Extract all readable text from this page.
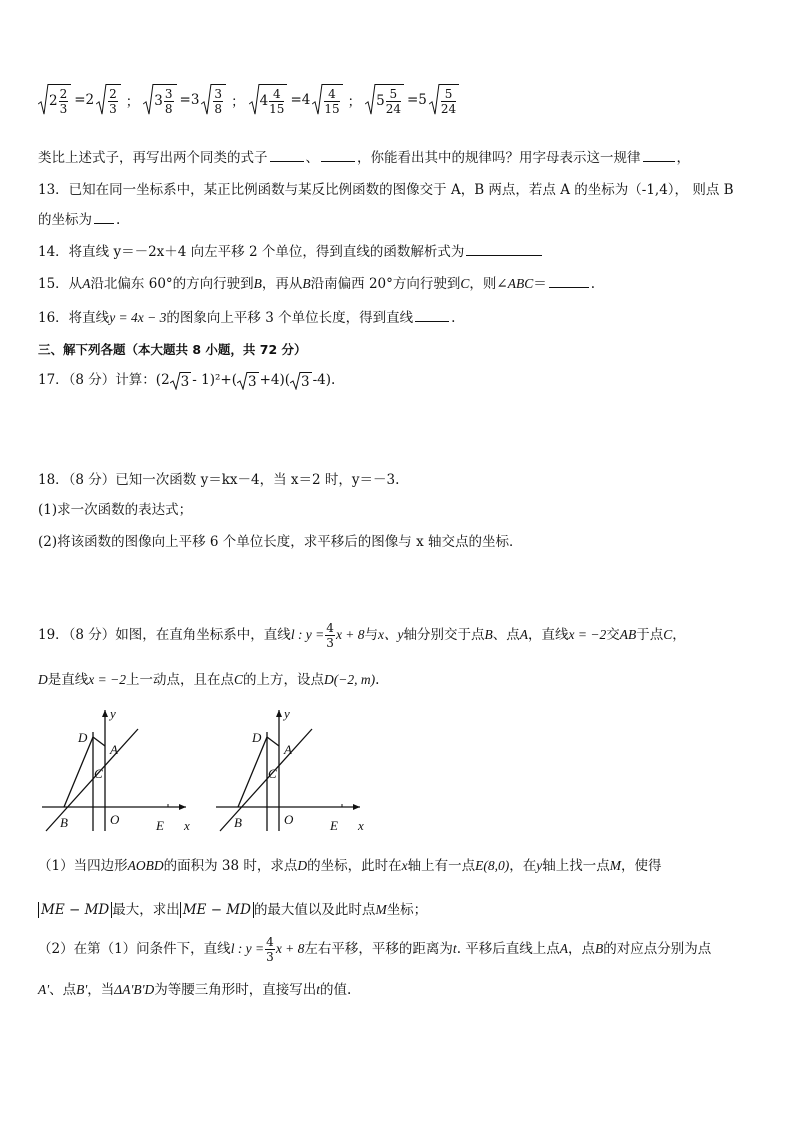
$2 \frac{2}{3} =2 \frac{2}{3}$ ； $3 \frac{3}{8} =3 \frac{3}{8}$ ； $4 \frac{4}{15} =4 \frac{4}{15}$ ； $5 \frac{5}{24} =5 \frac{5}{24}$
类比上述式子，再写出两个同类的式子	、	，你能看出其中的规律吗？用字母表示这一规律	，
13．已知在同一坐标系中，某正比例函数与某反比例函数的图像交于 A，B 两点，若点 A 的坐标为（-1,4）， 则点 B
的坐标为 .
14．将直线 y＝－2x＋4 向左平移 2 个单位，得到直线的函数解析式为
15．从A沿北偏东 60°的方向行驶到B，再从B沿南偏西 20°方向行驶到C，则∠ABC＝	.
16．将直线y = 4x − 3的图象向上平移 3 个单位长度，得到直线	.
三、解下列各题（本大题共 8 小题，共 72 分）
17．（8 分）计算：(2 3 - 1)²+( 3 +4)( 3 -4).
18．（8 分）已知一次函数 y＝kx－4，当 x＝2 时，y＝－3.
(1)求一次函数的表达式；
(2)将该函数的图像向上平移 6 个单位长度，求平移后的图像与 x 轴交点的坐标．
19．（8 分）如图，在直角坐标系中，直线l : $y = \frac{4}{3}$ x + 8与x、y轴分别交于点B、点A，直线x = −2交AB于点C，
D是直线x = −2上一动点，且在点C的上方，设点D(−2, m).
（1）当四边形AOBD的面积为 38 时，求点D的坐标，此时在x轴上有一点E(8,0)，在y轴上找一点M，使得
ME − MD 最大，求出 ME − MD 的最大值以及此时点M坐标；
（2）在第（1）问条件下，直线l : $y = \frac{4}{3}$ x + 8左右平移，平移的距离为t. 平移后直线上点A，点B的对应点分别为点
A'、点B'，当ΔA'B'D为等腰三角形时，直接写出t的值.
y
D
A
C
B	O	E x
y
D
A
C
B	O	E x
